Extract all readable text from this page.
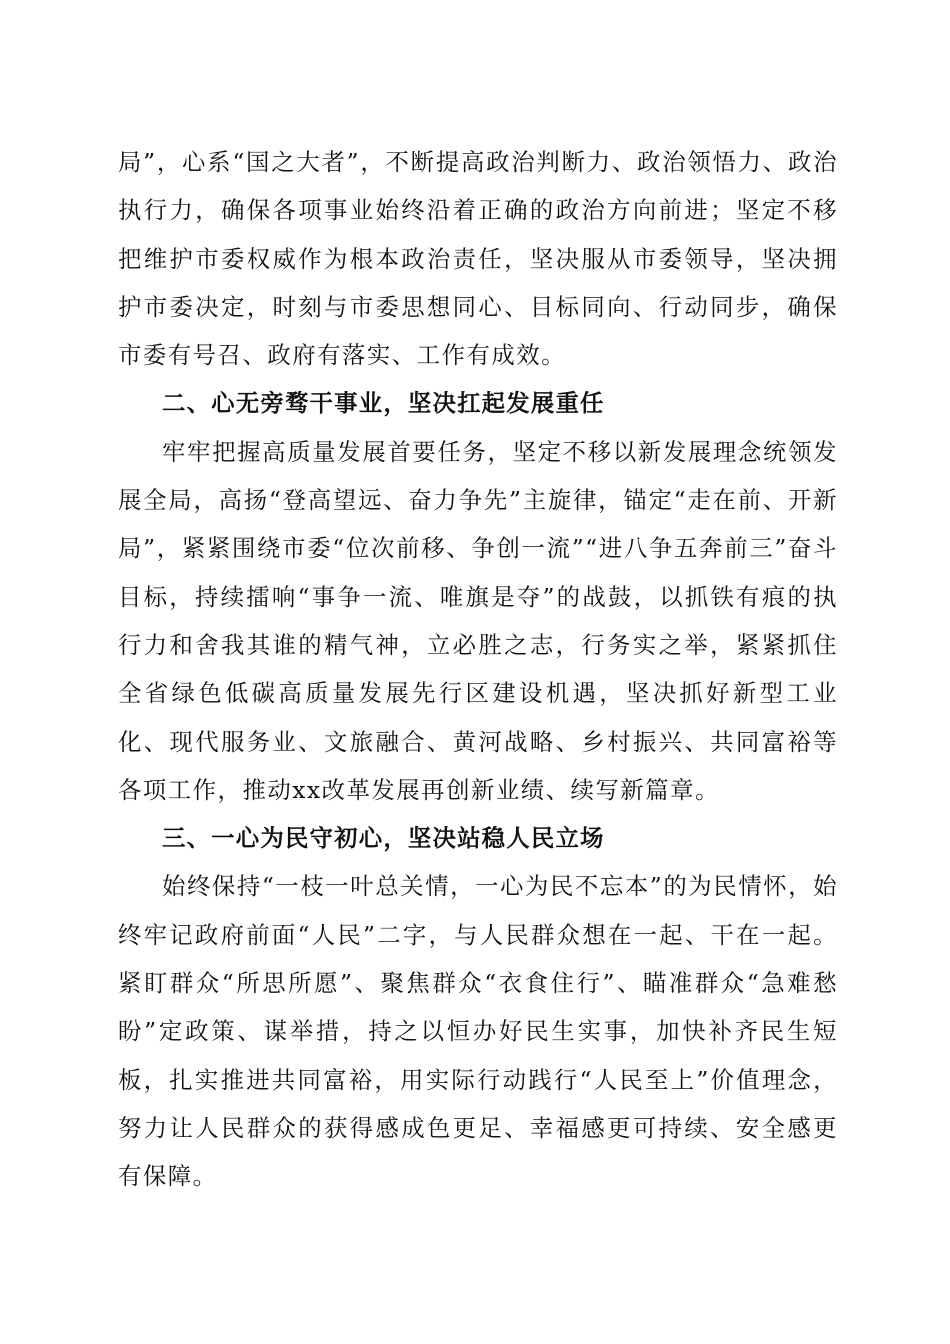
局”，心系“国之大者”，不断提高政治判断力、政治领悟力、政治执行力，确保各项事业始终沿着正确的政治方向前进；坚定不移把维护市委权威作为根本政治责任，坚决服从市委领导，坚决拥护市委决定，时刻与市委思想同心、目标同向、行动同步，确保市委有号召、政府有落实、工作有成效。

二、心无旁骛干事业，坚决扛起发展重任

牢牢把握高质量发展首要任务，坚定不移以新发展理念统领发展全局，高扬“登高望远、奋力争先”主旋律，锚定“走在前、开新局”，紧紧围绕市委“位次前移、争创一流”“进八争五奔前三”奋斗目标，持续擂响“事争一流、唯旗是夺”的战鼓，以抓铁有痕的执行力和舍我其谁的精气神，立必胜之志，行务实之举，紧紧抓住全省绿色低碳高质量发展先行区建设机遇，坚决抓好新型工业化、现代服务业、文旅融合、黄河战略、乡村振兴、共同富裕等各项工作，推动xx改革发展再创新业绩、续写新篇章。

三、一心为民守初心，坚决站稳人民立场

始终保持“一枝一叶总关情，一心为民不忘本”的为民情怀，始终牢记政府前面“人民”二字，与人民群众想在一起、干在一起。紧盯群众“所思所愿”、聚焦群众“衣食住行”、瞄准群众“急难愁盼”定政策、谋举措，持之以恒办好民生实事，加快补齐民生短板，扎实推进共同富裕，用实际行动践行“人民至上”价值理念，努力让人民群众的获得感成色更足、幸福感更可持续、安全感更有保障。
